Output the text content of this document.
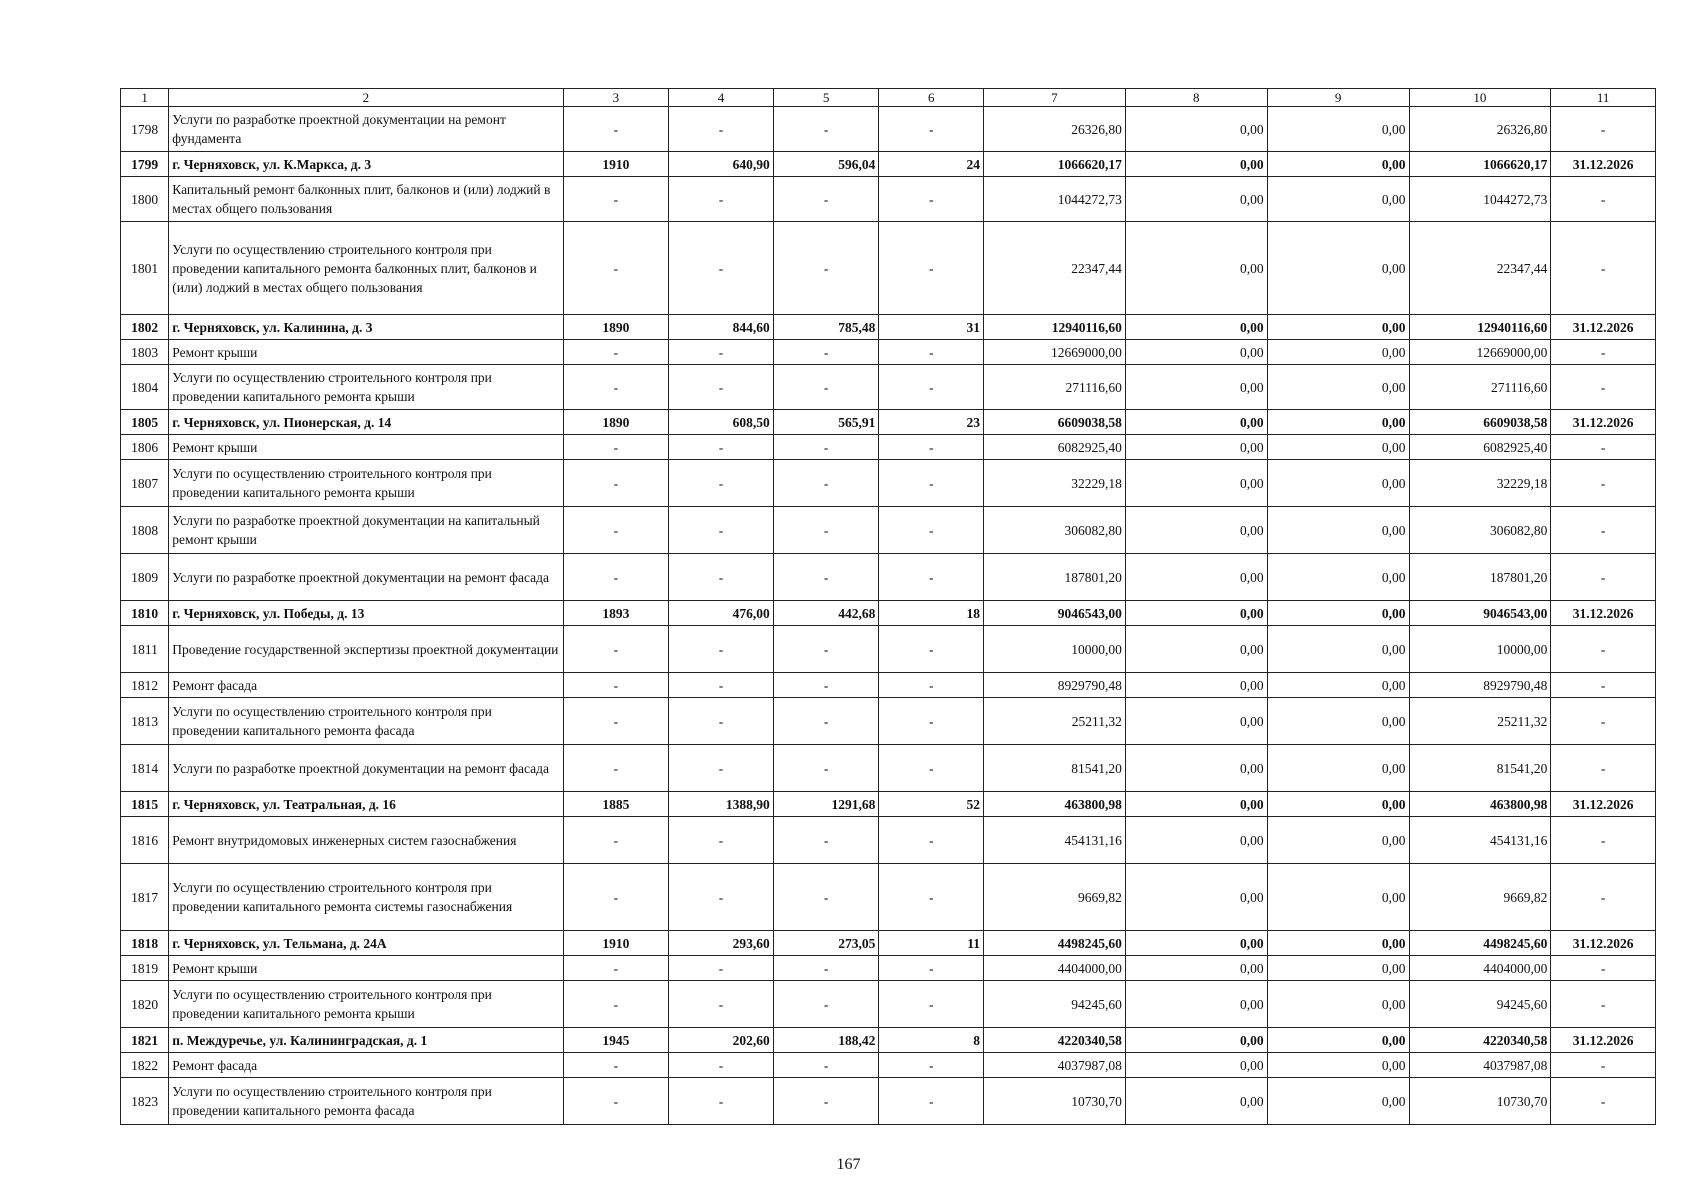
1	2	3	4	5	6	7	8	9	10	11
1798	Услуги по разработке проектной документации на ремонт фундамента	-	-	-	-	26326,80	0,00	0,00	26326,80	-
1799	г. Черняховск, ул. К.Маркса, д. 3	1910	640,90	596,04	24	1066620,17	0,00	0,00	1066620,17	31.12.2026
1800	Капитальный ремонт балконных плит, балконов и (или) лоджий в местах общего пользования	-	-	-	-	1044272,73	0,00	0,00	1044272,73	-
1801	Услуги по осуществлению строительного контроля при проведении капитального ремонта балконных плит, балконов и (или) лоджий в местах общего пользования	-	-	-	-	22347,44	0,00	0,00	22347,44	-
1802	г. Черняховск, ул. Калинина, д. 3	1890	844,60	785,48	31	12940116,60	0,00	0,00	12940116,60	31.12.2026
1803	Ремонт крыши	-	-	-	-	12669000,00	0,00	0,00	12669000,00	-
1804	Услуги по осуществлению строительного контроля при проведении капитального ремонта крыши	-	-	-	-	271116,60	0,00	0,00	271116,60	-
1805	г. Черняховск, ул. Пионерская, д. 14	1890	608,50	565,91	23	6609038,58	0,00	0,00	6609038,58	31.12.2026
1806	Ремонт крыши	-	-	-	-	6082925,40	0,00	0,00	6082925,40	-
1807	Услуги по осуществлению строительного контроля при проведении капитального ремонта крыши	-	-	-	-	32229,18	0,00	0,00	32229,18	-
1808	Услуги по разработке проектной документации на капитальный ремонт крыши	-	-	-	-	306082,80	0,00	0,00	306082,80	-
1809	Услуги по разработке проектной документации на ремонт фасада	-	-	-	-	187801,20	0,00	0,00	187801,20	-
1810	г. Черняховск, ул. Победы, д. 13	1893	476,00	442,68	18	9046543,00	0,00	0,00	9046543,00	31.12.2026
1811	Проведение государственной экспертизы проектной документации	-	-	-	-	10000,00	0,00	0,00	10000,00	-
1812	Ремонт фасада	-	-	-	-	8929790,48	0,00	0,00	8929790,48	-
1813	Услуги по осуществлению строительного контроля при проведении капитального ремонта фасада	-	-	-	-	25211,32	0,00	0,00	25211,32	-
1814	Услуги по разработке проектной документации на ремонт фасада	-	-	-	-	81541,20	0,00	0,00	81541,20	-
1815	г. Черняховск, ул. Театральная, д. 16	1885	1388,90	1291,68	52	463800,98	0,00	0,00	463800,98	31.12.2026
1816	Ремонт внутридомовых инженерных систем газоснабжения	-	-	-	-	454131,16	0,00	0,00	454131,16	-
1817	Услуги по осуществлению строительного контроля при проведении капитального ремонта системы газоснабжения	-	-	-	-	9669,82	0,00	0,00	9669,82	-
1818	г. Черняховск, ул. Тельмана, д. 24А	1910	293,60	273,05	11	4498245,60	0,00	0,00	4498245,60	31.12.2026
1819	Ремонт крыши	-	-	-	-	4404000,00	0,00	0,00	4404000,00	-
1820	Услуги по осуществлению строительного контроля при проведении капитального ремонта крыши	-	-	-	-	94245,60	0,00	0,00	94245,60	-
1821	п. Междуречье, ул. Калининградская, д. 1	1945	202,60	188,42	8	4220340,58	0,00	0,00	4220340,58	31.12.2026
1822	Ремонт фасада	-	-	-	-	4037987,08	0,00	0,00	4037987,08	-
1823	Услуги по осуществлению строительного контроля при проведении капитального ремонта фасада	-	-	-	-	10730,70	0,00	0,00	10730,70	-
167
